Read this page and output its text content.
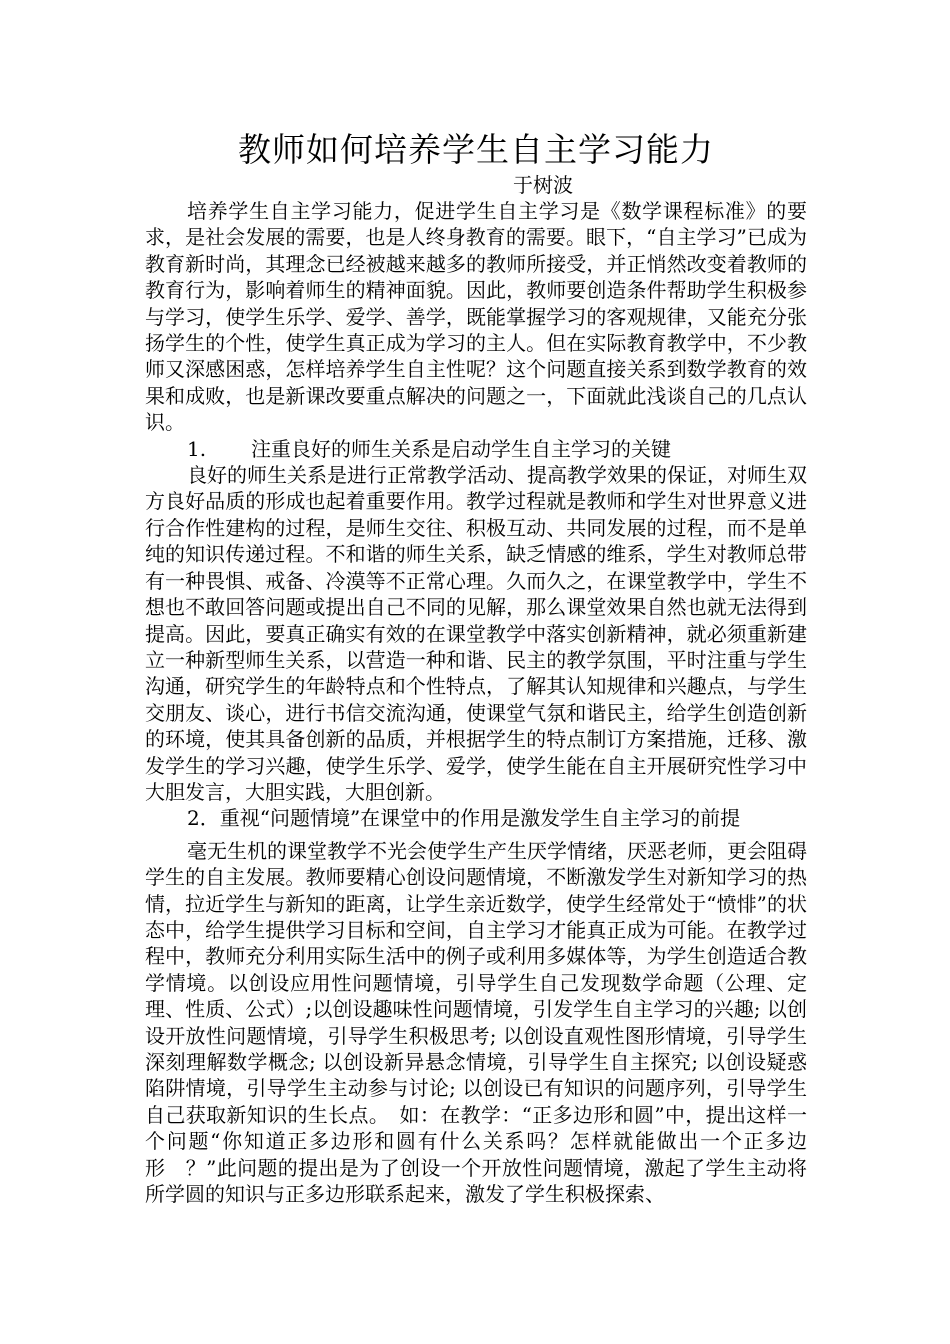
教师如何培养学生自主学习能力

于树波

培养学生自主学习能力，促进学生自主学习是《数学课程标准》的要求，是社会发展的需要，也是人终身教育的需要。眼下，“自主学习”已成为教育新时尚，其理念已经被越来越多的教师所接受，并正悄然改变着教师的教育行为，影响着师生的精神面貌。因此，教师要创造条件帮助学生积极参与学习，使学生乐学、爱学、善学，既能掌握学习的客观规律，又能充分张扬学生的个性，使学生真正成为学习的主人。但在实际教育教学中，不少教师又深感困惑，怎样培养学生自主性呢？这个问题直接关系到数学教育的效果和成败，也是新课改要重点解决的问题之一，下面就此浅谈自己的几点认识。

1. 注重良好的师生关系是启动学生自主学习的关键

良好的师生关系是进行正常教学活动、提高教学效果的保证，对师生双方良好品质的形成也起着重要作用。教学过程就是教师和学生对世界意义进行合作性建构的过程，是师生交往、积极互动、共同发展的过程，而不是单纯的知识传递过程。不和谐的师生关系，缺乏情感的维系，学生对教师总带有一种畏惧、戒备、冷漠等不正常心理。久而久之，在课堂教学中，学生不想也不敢回答问题或提出自己不同的见解，那么课堂效果自然也就无法得到提高。因此，要真正确实有效的在课堂教学中落实创新精神，就必须重新建立一种新型师生关系，以营造一种和谐、民主的教学氛围，平时注重与学生沟通，研究学生的年龄特点和个性特点，了解其认知规律和兴趣点，与学生交朋友、谈心，进行书信交流沟通，使课堂气氛和谐民主，给学生创造创新的环境，使其具备创新的品质，并根据学生的特点制订方案措施，迁移、激发学生的学习兴趣，使学生乐学、爱学，使学生能在自主开展研究性学习中大胆发言，大胆实践，大胆创新。

2．重视“问题情境”在课堂中的作用是激发学生自主学习的前提

毫无生机的课堂教学不光会使学生产生厌学情绪，厌恶老师，更会阻碍学生的自主发展。教师要精心创设问题情境，不断激发学生对新知学习的热情，拉近学生与新知的距离，让学生亲近数学，使学生经常处于“愤悱”的状态中，给学生提供学习目标和空间，自主学习才能真正成为可能。在教学过程中，教师充分利用实际生活中的例子或利用多媒体等，为学生创造适合教学情境。以创设应用性问题情境，引导学生自己发现数学命题（公理、定理、性质、公式）;以创设趣味性问题情境，引发学生自主学习的兴趣; 以创设开放性问题情境，引导学生积极思考; 以创设直观性图形情境，引导学生深刻理解数学概念; 以创设新异悬念情境，引导学生自主探究; 以创设疑惑陷阱情境，引导学生主动参与讨论; 以创设已有知识的问题序列，引导学生自己获取新知识的生长点。　如：在教学：“正多边形和圆”中，提出这样一个问题“你知道正多边形和圆有什么关系吗？怎样就能做出一个正多边形　？”此问题的提出是为了创设一个开放性问题情境，激起了学生主动将所学圆的知识与正多边形联系起来，激发了学生积极探索、
